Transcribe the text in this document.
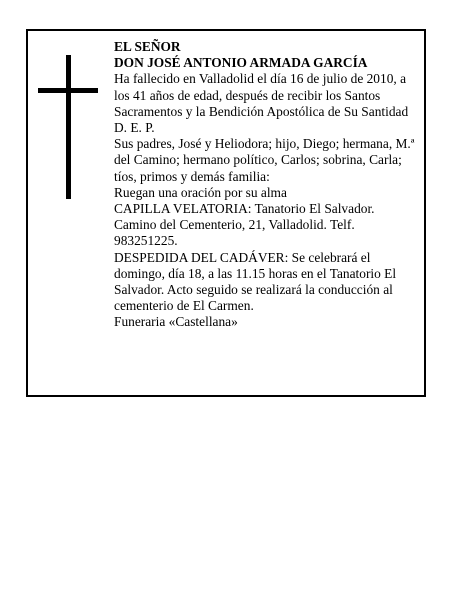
EL SEÑOR

DON JOSÉ ANTONIO ARMADA GARCÍA

Ha fallecido en Valladolid el día 16 de julio de 2010, a los 41 años de edad, después de recibir los Santos Sacramentos y la Bendición Apostólica de Su Santidad D. E. P.

Sus padres, José y Heliodora; hijo, Diego; hermana, M.ª del Camino; hermano político, Carlos; sobrina, Carla; tíos, primos y demás familia:

Ruegan una oración por su alma

CAPILLA VELATORIA: Tanatorio El Salvador. Camino del Cementerio, 21, Valladolid. Telf. 983251225.

DESPEDIDA DEL CADÁVER: Se celebrará el domingo, día 18, a las 11.15 horas en el Tanatorio El Salvador. Acto seguido se realizará la conducción al cementerio de El Carmen.

Funeraria «Castellana»
